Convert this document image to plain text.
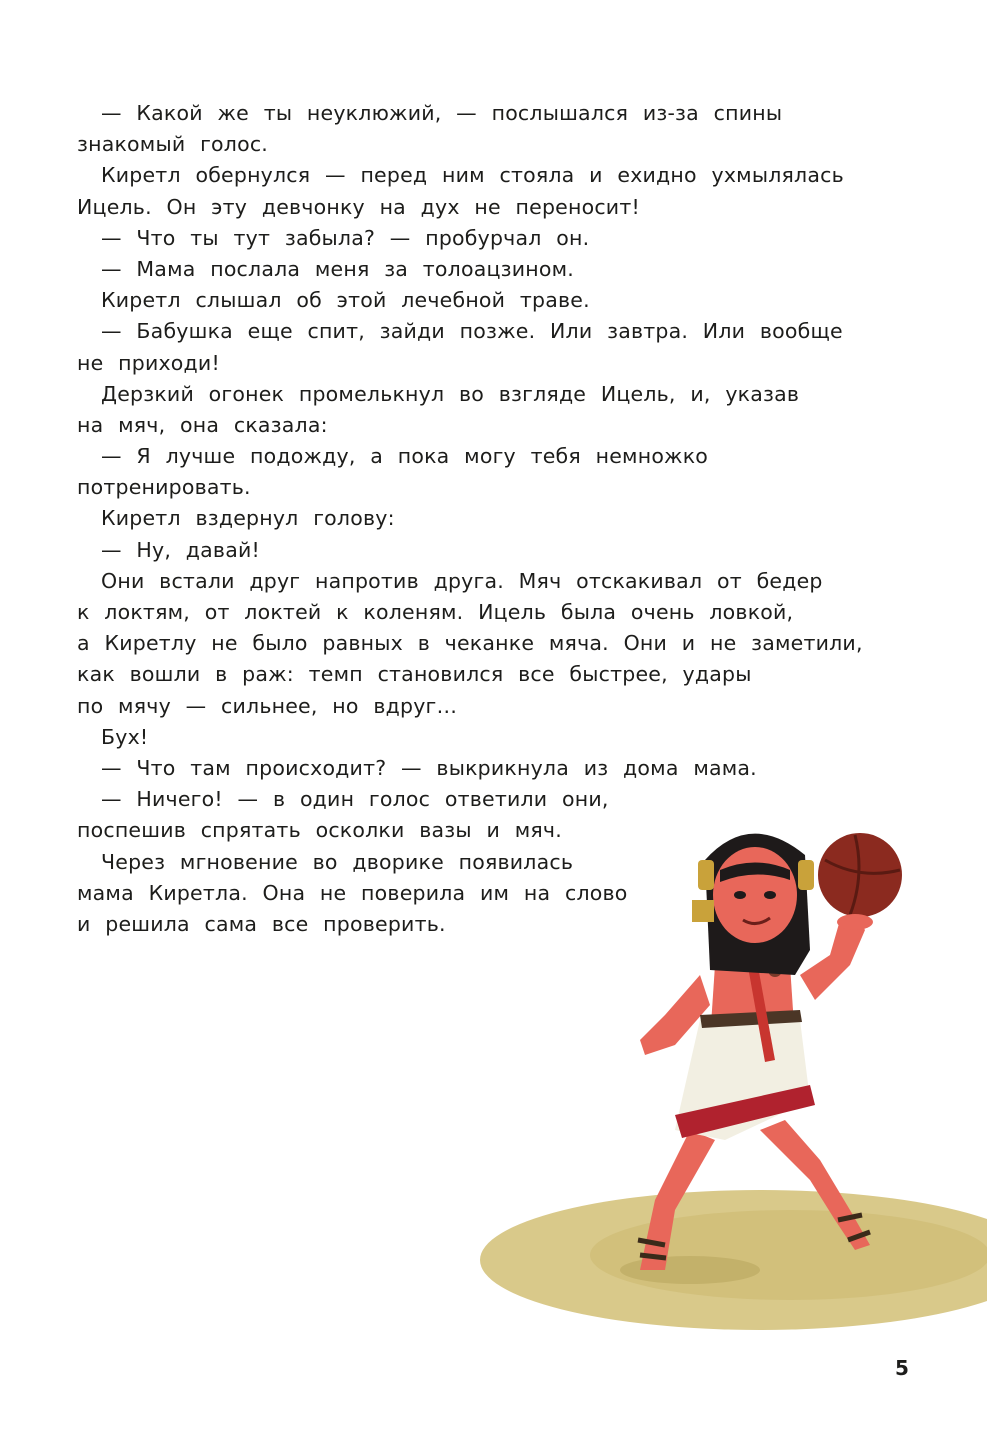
— Какой же ты неуклюжий, — послышался из-за спины
знакомый голос.
Киретл обернулся — перед ним стояла и ехидно ухмылялась
Ицель. Он эту девчонку на дух не переносит!
— Что ты тут забыла? — пробурчал он.
— Мама послала меня за толоацзином.
Киретл слышал об этой лечебной траве.
— Бабушка еще спит, зайди позже. Или завтра. Или вообще
не приходи!
Дерзкий огонек промелькнул во взгляде Ицель, и, указав
на мяч, она сказала:
— Я лучше подожду, а пока могу тебя немножко
потренировать.
Киретл вздернул голову:
— Ну, давай!
Они встали друг напротив друга. Мяч отскакивал от бедер
к локтям, от локтей к коленям. Ицель была очень ловкой,
а Киретлу не было равных в чеканке мяча. Они и не заметили,
как вошли в раж: темп становился все быстрее, удары
по мячу — сильнее, но вдруг…
Бух!
— Что там происходит? — выкрикнула из дома мама.
— Ничего! — в один голос ответили они,
поспешив спрятать осколки вазы и мяч.
Через мгновение во дворике появилась
мама Киретла. Она не поверила им на слово
и решила сама все проверить.
5
